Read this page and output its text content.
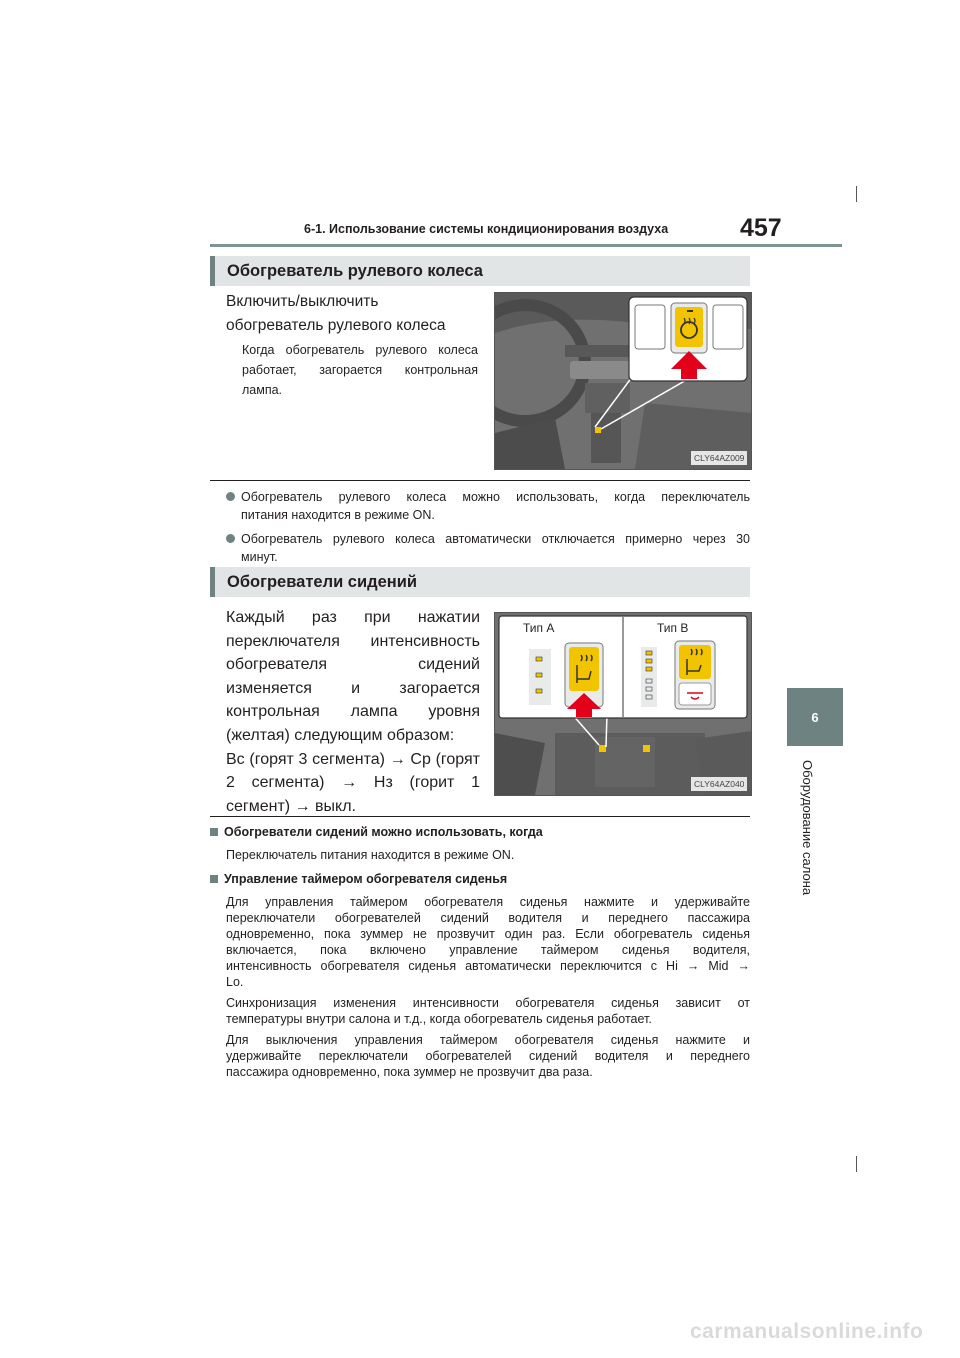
6-1. Использование системы кондиционирования воздуха	457
6
Оборудование салона
Обогреватель рулевого колеса
Включить/выключить
обогреватель рулевого колеса
Когда обогреватель рулевого колеса
работает, загорается контрольная
лампа.
CLY64AZ009
Обогреватель рулевого колеса можно использовать, когда переключатель
питания находится в режиме ON.
Обогреватель рулевого колеса автоматически отключается примерно через 30
минут.
Обогреватели сидений
Каждый раз при нажатии
переключателя интенсивность
обогревателя сидений
изменяется и загорается
контрольная лампа уровня
(желтая) следующим образом:
Вс (горят 3 сегмента) → Ср (горят
2 сегмента) → Нз (горит 1
сегмент) → выкл.
Тип A	Тип B
CLY64AZ040
Обогреватели сидений можно использовать, когда
Переключатель питания находится в режиме ON.
Управление таймером обогревателя сиденья
Для управления таймером обогревателя сиденья нажмите и удерживайте
переключатели обогревателей сидений водителя и переднего пассажира
одновременно, пока зуммер не прозвучит один раз. Если обогреватель сиденья
включается, пока включено управление таймером сиденья водителя,
интенсивность обогревателя сиденья автоматически переключится с Hi → Mid →
Lo.
Синхронизация изменения интенсивности обогревателя сиденья зависит от
температуры внутри салона и т.д., когда обогреватель сиденья работает.
Для выключения управления таймером обогревателя сиденья нажмите и
удерживайте переключатели обогревателей сидений водителя и переднего
пассажира одновременно, пока зуммер не прозвучит два раза.
carmanualsonline.info
